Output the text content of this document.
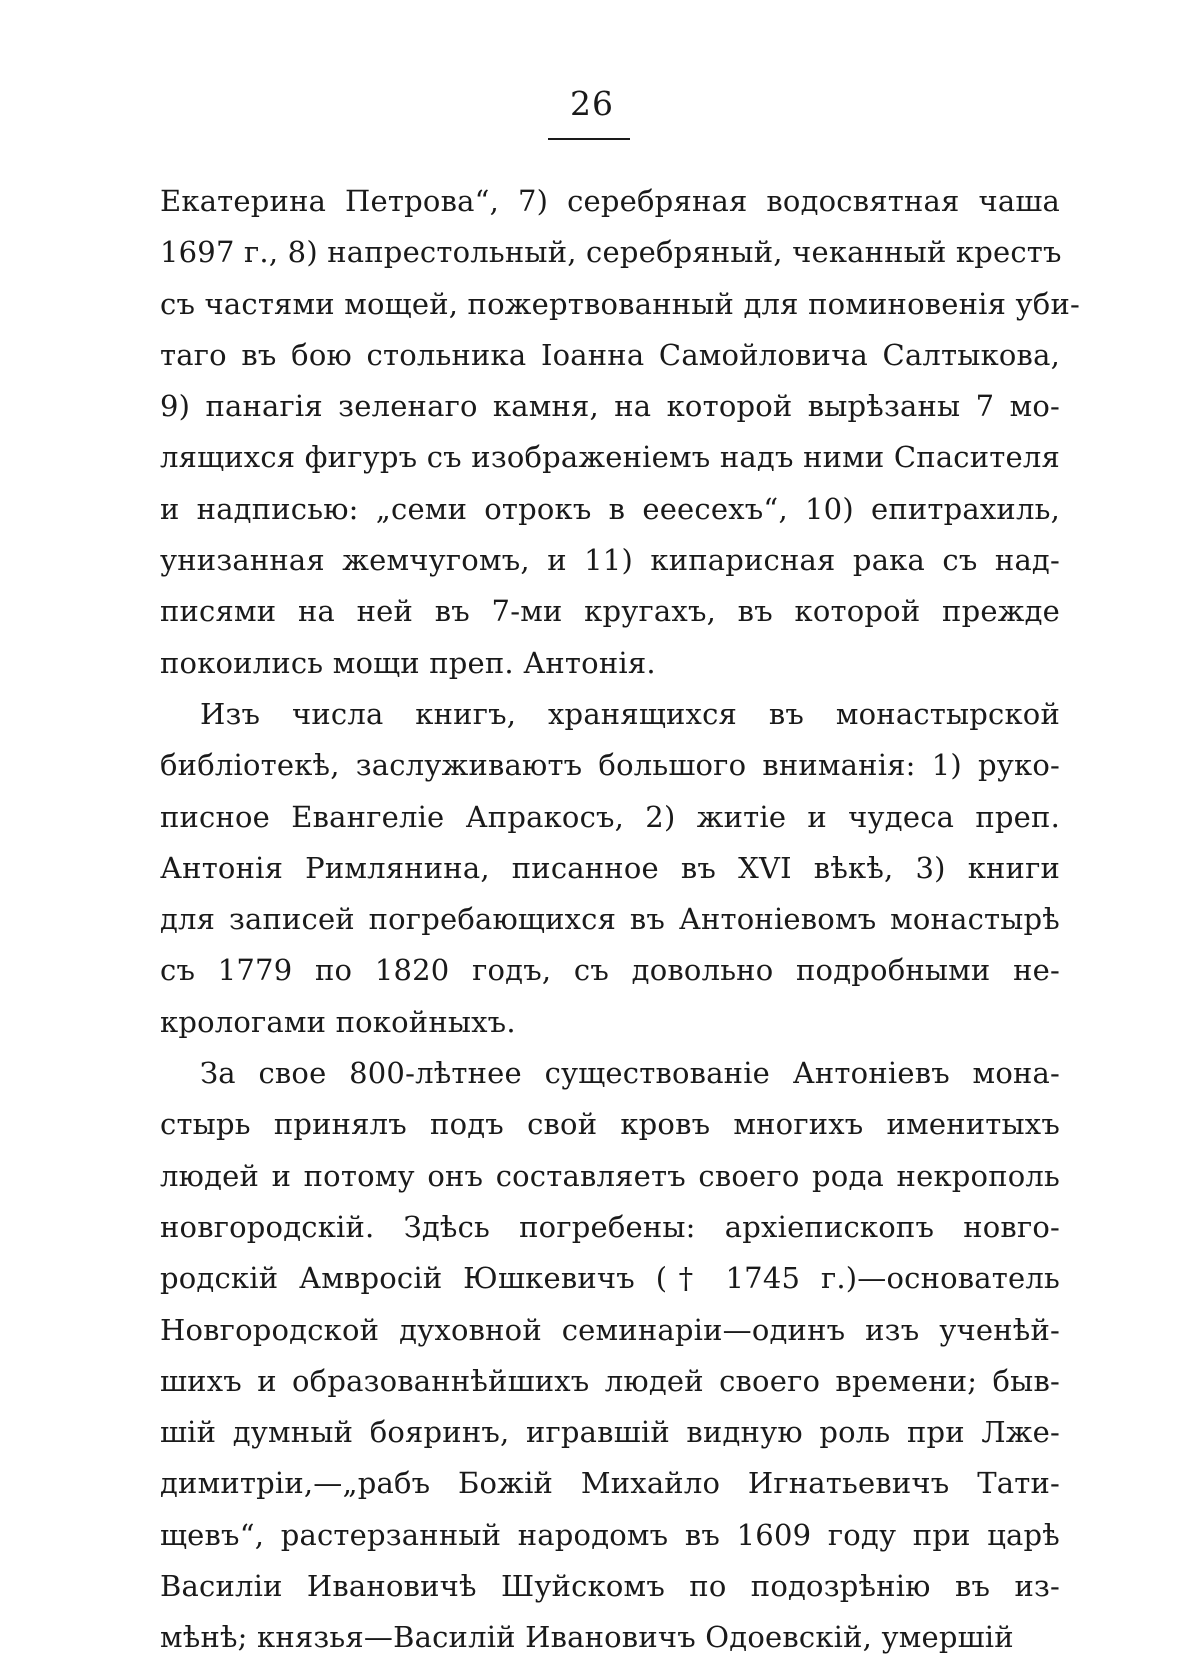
26
Екатерина Петрова“, 7) серебряная водосвятная чаша
1697 г., 8) напрестольный, серебряный, чеканный крестъ
съ частями мощей, пожертвованный для поминовенія уби-
таго въ бою стольника Іоанна Самойловича Салтыкова,
9) панагія зеленаго камня, на которой вырѣзаны 7 мо-
лящихся фигуръ съ изображеніемъ надъ ними Спасителя
и надписью: „семи отрокъ в ееесехъ“, 10) епитрахиль,
унизанная жемчугомъ, и 11) кипарисная рака съ над-
писями на ней въ 7-ми кругахъ, въ которой прежде
покоились мощи преп. Антонія.
Изъ числа книгъ, хранящихся въ монастырской
библіотекѣ, заслуживаютъ большого вниманія: 1) руко-
писное Евангеліе Апракосъ, 2) житіе и чудеса преп.
Антонія Римлянина, писанное въ XVI вѣкѣ, 3) книги
для записей погребающихся въ Антоніевомъ монастырѣ
съ 1779 по 1820 годъ, съ довольно подробными не-
крологами покойныхъ.
За свое 800-лѣтнее существованіе Антоніевъ мона-
стырь принялъ подъ свой кровъ многихъ именитыхъ
людей и потому онъ составляетъ своего рода некрополь
новгородскій. Здѣсь погребены: архіепископъ новго-
родскій Амвросій Юшкевичъ († 1745 г.)—основатель
Новгородской духовной семинаріи—одинъ изъ ученѣй-
шихъ и образованнѣйшихъ людей своего времени; быв-
шій думный бояринъ, игравшій видную роль при Лже-
димитріи,—„рабъ Божій Михайло Игнатьевичъ Тати-
щевъ“, растерзанный народомъ въ 1609 году при царѣ
Василіи Ивановичѣ Шуйскомъ по подозрѣнію въ из-
мѣнѣ; князья—Василій Ивановичъ Одоевскій, умершій
